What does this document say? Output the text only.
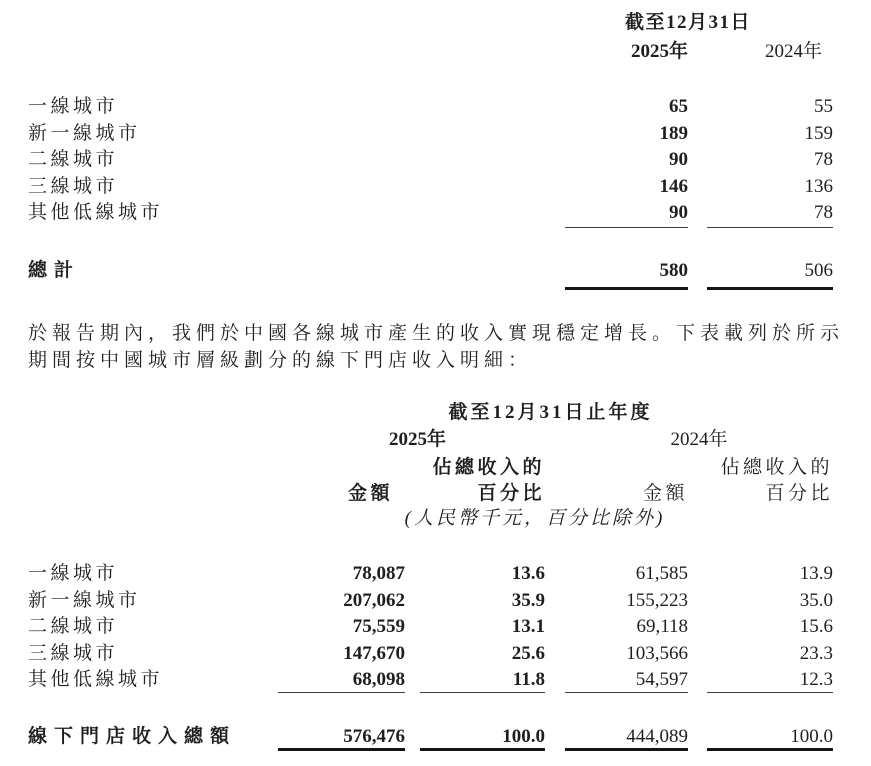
截至12月31日
2025年	2024年
一線城市	65	55
新一線城市	189	159
二線城市	90	78
三線城市	146	136
其他低線城市	90	78
總計	580	506
於報告期內，我們於中國各線城市產生的收入實現穩定增長。下表載列於所示
期間按中國城市層級劃分的線下門店收入明細：
截至12月31日止年度
2025年	2024年
佔總收入的	佔總收入的
金額	百分比	金額	百分比
(人民幣千元，百分比除外)
一線城市	78,087	13.6	61,585	13.9
新一線城市	207,062	35.9	155,223	35.0
二線城市	75,559	13.1	69,118	15.6
三線城市	147,670	25.6	103,566	23.3
其他低線城市	68,098	11.8	54,597	12.3
線下門店收入總額	576,476	100.0	444,089	100.0
